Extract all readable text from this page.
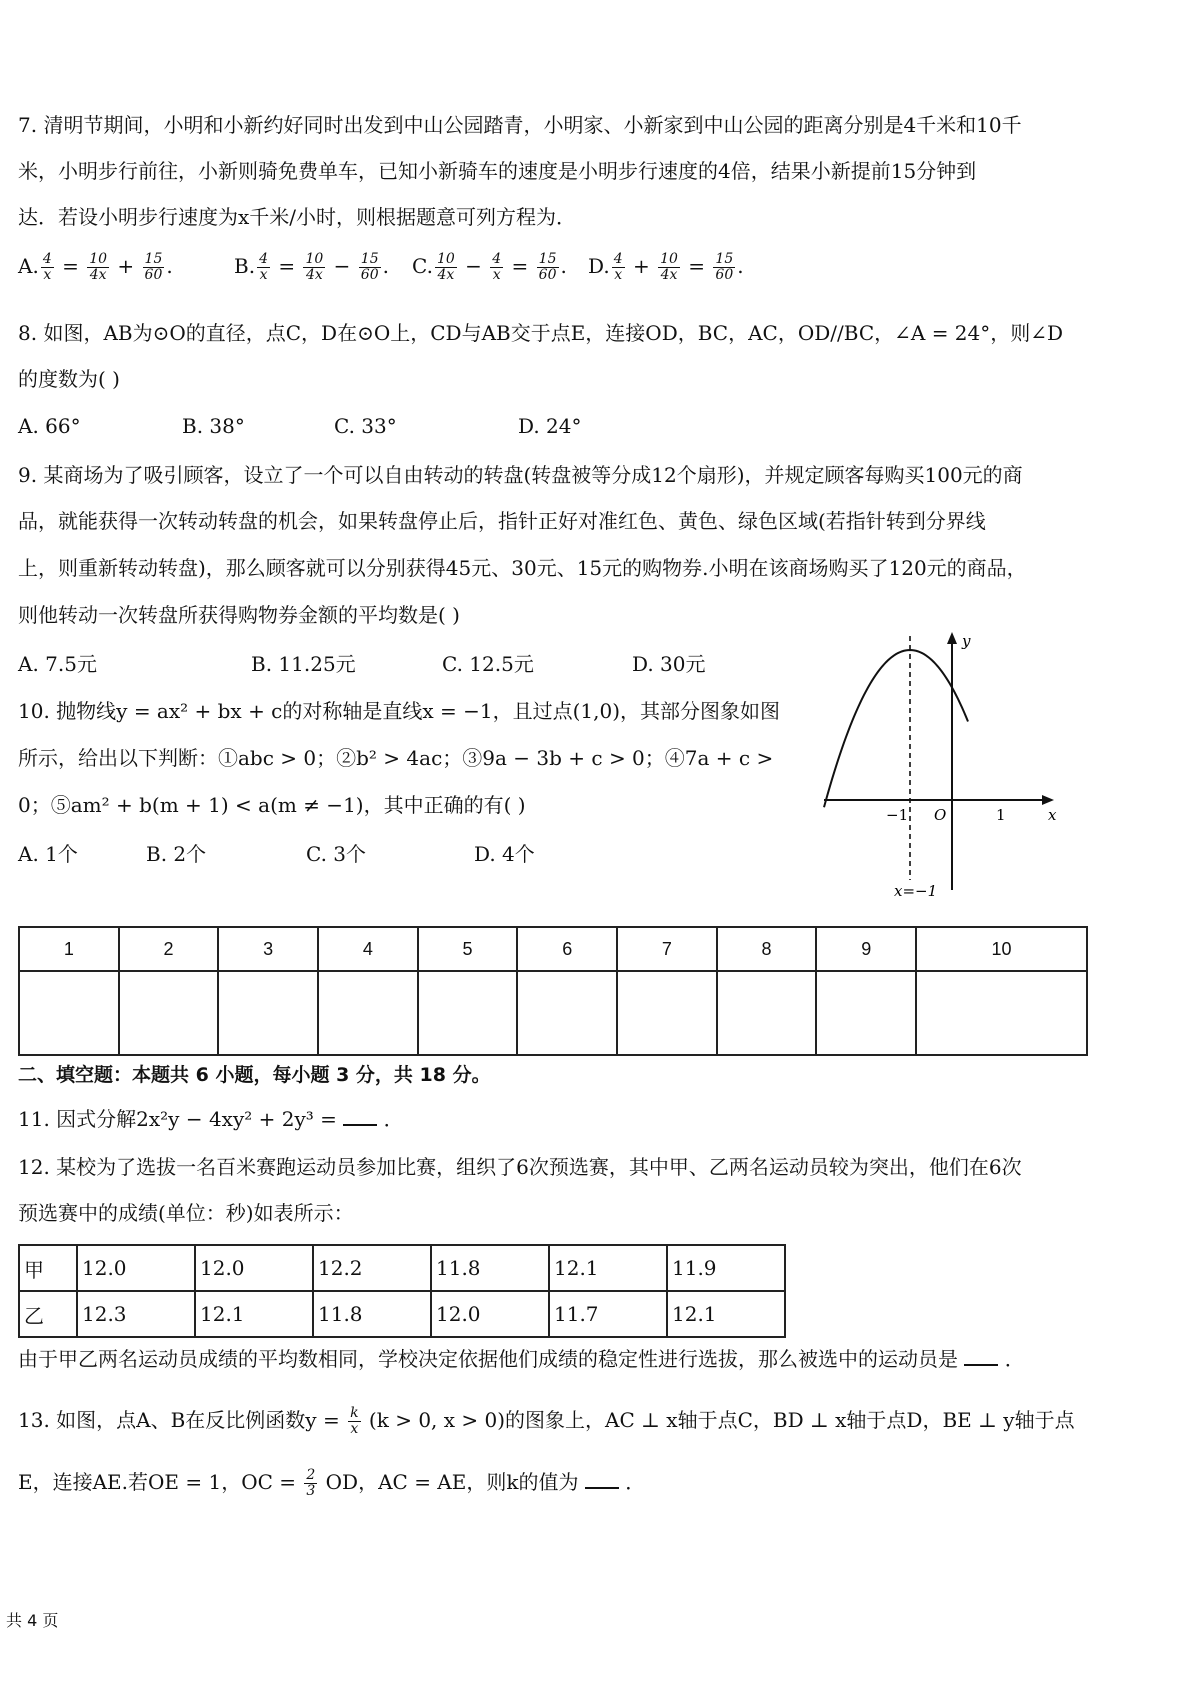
7. 清明节期间，小明和小新约好同时出发到中山公园踏青，小明家、小新家到中山公园的距离分别是4千米和10千
米，小明步行前往，小新则骑免费单车，已知小新骑车的速度是小明步行速度的4倍，结果小新提前15分钟到
达．若设小明步行速度为x千米/小时，则根据题意可列方程为．
A. $\frac{4}{x} = \frac{10}{4x} + \frac{15}{60}$ .	B. $\frac{4}{x} = \frac{10}{4x} - \frac{15}{60}$ . C. $\frac{10}{4x} - \frac{4}{x} = \frac{15}{60}$ . D. $\frac{4}{x} + \frac{10}{4x} = \frac{15}{60}$ .
8. 如图，AB为⊙O的直径，点C，D在⊙O上，CD与AB交于点E，连接OD，BC，AC，OD//BC，∠A = 24°，则∠D
的度数为( )
A. 66°	B. 38°	C. 33°	D. 24°
9. 某商场为了吸引顾客，设立了一个可以自由转动的转盘(转盘被等分成12个扇形)，并规定顾客每购买100元的商
品，就能获得一次转动转盘的机会，如果转盘停止后，指针正好对准红色、黄色、绿色区域(若指针转到分界线
上，则重新转动转盘)，那么顾客就可以分别获得45元、30元、15元的购物券.小明在该商场购买了120元的商品，
则他转动一次转盘所获得购物券金额的平均数是( )
A. 7.5元	B. 11.25元	C. 12.5元	D. 30元
10. 抛物线y = ax² + bx + c的对称轴是直线x = −1，且过点(1,0)，其部分图象如图
所示，给出以下判断：①abc > 0；②b² > 4ac；③9a − 3b + c > 0；④7a + c >
0；⑤am² + b(m + 1) < a(m ≠ −1)，其中正确的有( )
A. 1个	B. 2个	C. 3个	D. 4个
y
x
O
−1	1
x=−1
1	2	3	4	5	6	7	8	9	10

二、填空题：本题共 6 小题，每小题 3 分，共 18 分。
11. 因式分解2x²y − 4xy² + 2y³ = ．
12. 某校为了选拔一名百米赛跑运动员参加比赛，组织了6次预选赛，其中甲、乙两名运动员较为突出，他们在6次
预选赛中的成绩(单位：秒)如表所示：
甲	12.0	12.0	12.2	11.8	12.1	11.9
乙	12.3	12.1	11.8	12.0	11.7	12.1
由于甲乙两名运动员成绩的平均数相同，学校决定依据他们成绩的稳定性进行选拔，那么被选中的运动员是 ．
13. 如图，点A、B在反比例函数$y = \frac{k}{x} (k > 0$, x > 0)的图象上，AC ⊥ x轴于点C，BD ⊥ x轴于点D，BE ⊥ y轴于点
E，连接AE.若OE = 1，OC = $\frac{2}{3}$ OD，AC = AE，则k的值为 ．
共 4 页
